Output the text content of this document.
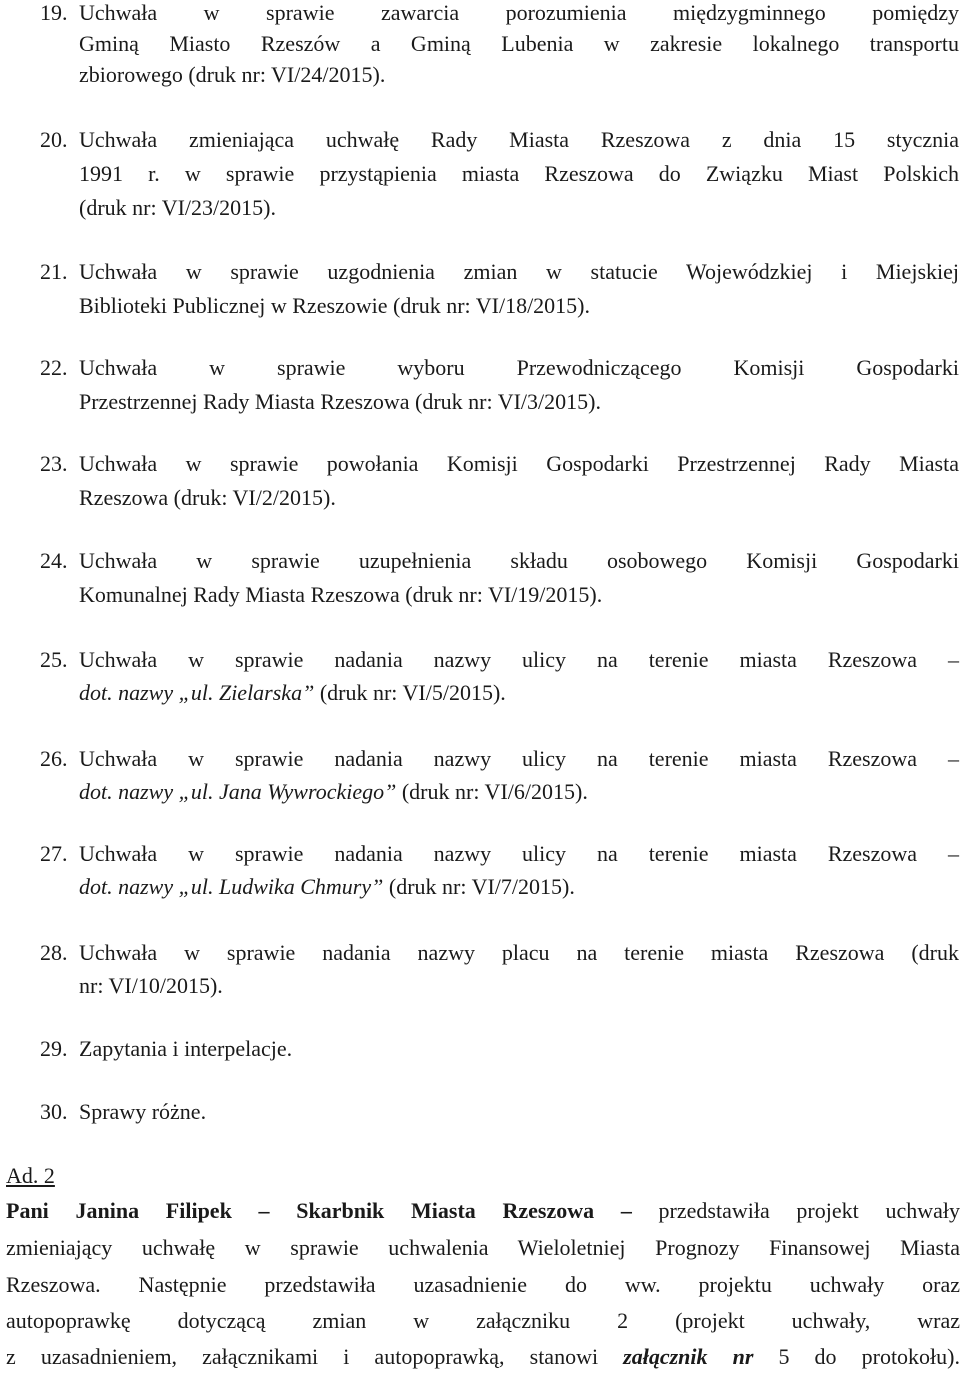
19. Uchwała w sprawie zawarcia porozumienia międzygminnego pomiędzy
Gminą Miasto Rzeszów a Gminą Lubenia w zakresie lokalnego transportu
zbiorowego (druk nr: VI/24/2015).
20. Uchwała zmieniająca uchwałę Rady Miasta Rzeszowa z dnia 15 stycznia
1991 r. w sprawie przystąpienia miasta Rzeszowa do Związku Miast Polskich
(druk nr: VI/23/2015).
21. Uchwała w sprawie uzgodnienia zmian w statucie Wojewódzkiej i Miejskiej
Biblioteki Publicznej w Rzeszowie (druk nr: VI/18/2015).
22. Uchwała w sprawie wyboru Przewodniczącego Komisji Gospodarki
Przestrzennej Rady Miasta Rzeszowa (druk nr: VI/3/2015).
23. Uchwała w sprawie powołania Komisji Gospodarki Przestrzennej Rady Miasta
Rzeszowa (druk: VI/2/2015).
24. Uchwała w sprawie uzupełnienia składu osobowego Komisji Gospodarki
Komunalnej Rady Miasta Rzeszowa (druk nr: VI/19/2015).
25. Uchwała w sprawie nadania nazwy ulicy na terenie miasta Rzeszowa –
dot. nazwy „ul. Zielarska” (druk nr: VI/5/2015).
26. Uchwała w sprawie nadania nazwy ulicy na terenie miasta Rzeszowa –
dot. nazwy „ul. Jana Wywrockiego” (druk nr: VI/6/2015).
27. Uchwała w sprawie nadania nazwy ulicy na terenie miasta Rzeszowa –
dot. nazwy „ul. Ludwika Chmury” (druk nr: VI/7/2015).
28. Uchwała w sprawie nadania nazwy placu na terenie miasta Rzeszowa (druk
nr: VI/10/2015).
29. Zapytania i interpelacje.
30. Sprawy różne.
Ad. 2
Pani Janina Filipek – Skarbnik Miasta Rzeszowa – przedstawiła projekt uchwały
zmieniający uchwałę w sprawie uchwalenia Wieloletniej Prognozy Finansowej Miasta
Rzeszowa. Następnie przedstawiła uzasadnienie do ww. projektu uchwały oraz
autopoprawkę dotyczącą zmian w załączniku 2 (projekt uchwały, wraz
z uzasadnieniem, załącznikami i autopoprawką, stanowi załącznik nr 5 do protokołu).
